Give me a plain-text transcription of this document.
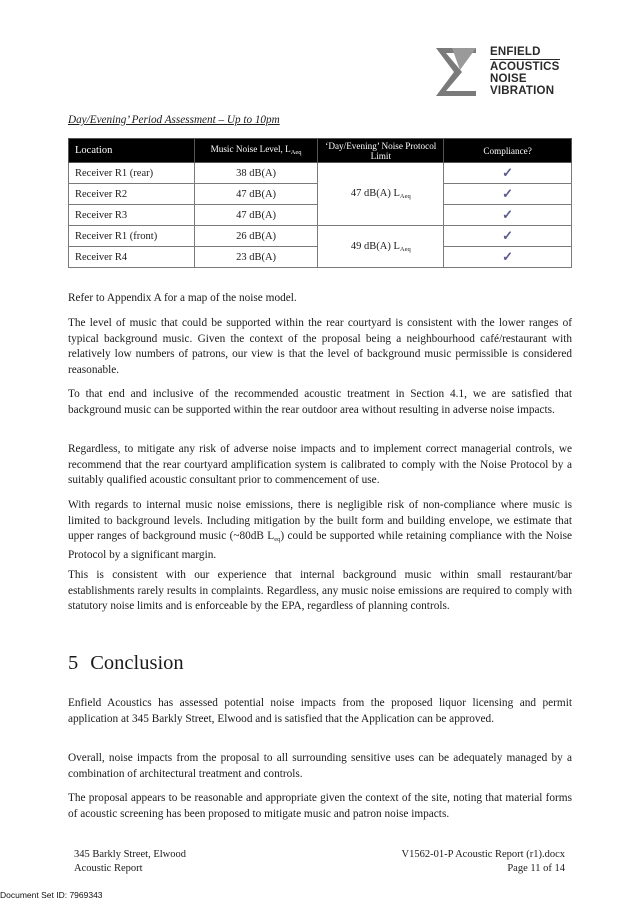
ENFIELD
ACOUSTICS
NOISE
VIBRATION
Day/Evening’ Period Assessment – Up to 10pm
Location	Music Noise Level, $L_{Aeq}$	‘Day/Evening’ Noise Protocol Limit	Compliance?
Receiver R1 (rear)	38 dB(A)	47 dB(A) $L_{Aeq}$	✓
Receiver R2	47 dB(A)		✓
Receiver R3	47 dB(A)		✓
Receiver R1 (front)	26 dB(A)	49 dB(A) $L_{Aeq}$	✓
Receiver R4	23 dB(A)		✓

Refer to Appendix A for a map of the noise model.

The level of music that could be supported within the rear courtyard is consistent with the lower ranges of typical background music. Given the context of the proposal being a neighbourhood café/restaurant with relatively low numbers of patrons, our view is that the level of background music permissible is considered reasonable.

To that end and inclusive of the recommended acoustic treatment in Section 4.1, we are satisfied that background music can be supported within the rear outdoor area without resulting in adverse noise impacts.

Regardless, to mitigate any risk of adverse noise impacts and to implement correct managerial controls, we recommend that the rear courtyard amplification system is calibrated to comply with the Noise Protocol by a suitably qualified acoustic consultant prior to commencement of use.

With regards to internal music noise emissions, there is negligible risk of non-compliance where music is limited to background levels. Including mitigation by the built form and building envelope, we estimate that upper ranges of background music (~80dB $L_{eq}$) could be supported while retaining compliance with the Noise Protocol by a significant margin.

This is consistent with our experience that internal background music within small restaurant/bar establishments rarely results in complaints. Regardless, any music noise emissions are required to comply with statutory noise limits and is enforceable by the EPA, regardless of planning controls.

5 Conclusion

Enfield Acoustics has assessed potential noise impacts from the proposed liquor licensing and permit application at 345 Barkly Street, Elwood and is satisfied that the Application can be approved.

Overall, noise impacts from the proposal to all surrounding sensitive uses can be adequately managed by a combination of architectural treatment and controls.

The proposal appears to be reasonable and appropriate given the context of the site, noting that material forms of acoustic screening has been proposed to mitigate music and patron noise impacts.

345 Barkly Street, Elwood
Acoustic Report
V1562-01-P Acoustic Report (r1).docx
Page 11 of 14
Document Set ID: 7969343
